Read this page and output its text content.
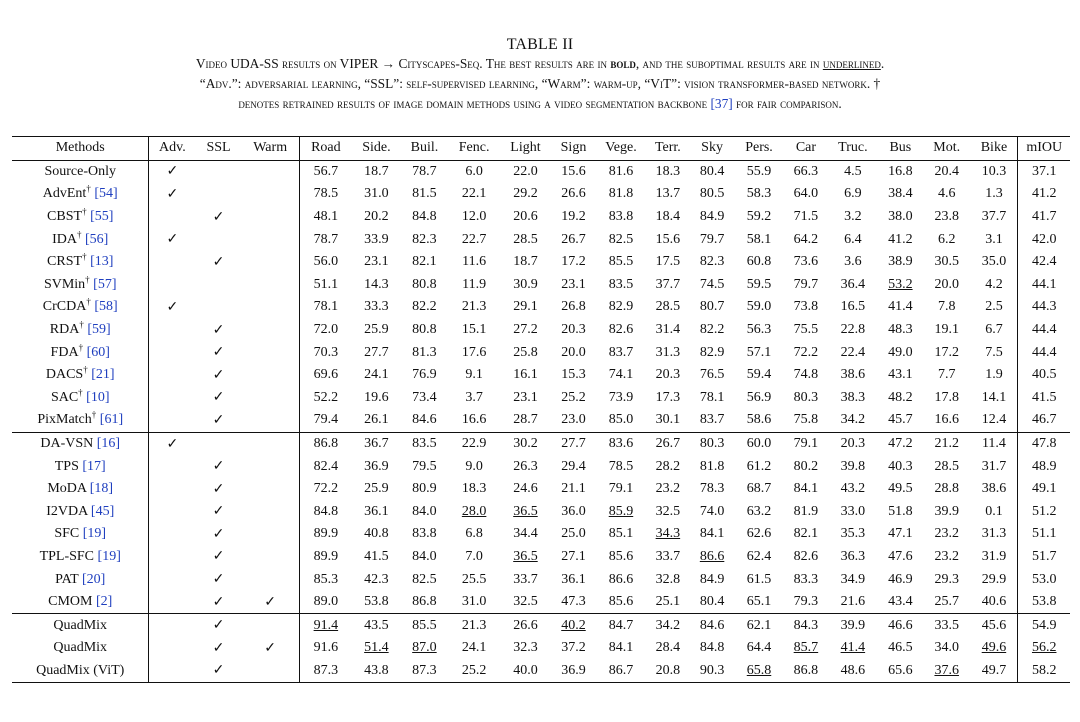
TABLE II
Video UDA-SS results on VIPER → Cityscapes-Seq. The best results are in bold, and the suboptimal results are in underlined.
“Adv.”: adversarial learning, “SSL”: self-supervised learning, “Warm”: warm-up, “ViT”: vision transformer-based network. †
denotes retrained results of image domain methods using a video segmentation backbone [37] for fair comparison.
Methods	Adv.	SSL	Warm	Road	Side.	Buil.	Fenc.	Light	Sign	Vege.	Terr.	Sky	Pers.	Car	Truc.	Bus	Mot.	Bike	mIOU
Source-Only	✓			56.7	18.7	78.7	6.0	22.0	15.6	81.6	18.3	80.4	55.9	66.3	4.5	16.8	20.4	10.3	37.1
AdvEnt† [54]	✓			78.5	31.0	81.5	22.1	29.2	26.6	81.8	13.7	80.5	58.3	64.0	6.9	38.4	4.6	1.3	41.2
CBST† [55]		✓		48.1	20.2	84.8	12.0	20.6	19.2	83.8	18.4	84.9	59.2	71.5	3.2	38.0	23.8	37.7	41.7
IDA† [56]	✓			78.7	33.9	82.3	22.7	28.5	26.7	82.5	15.6	79.7	58.1	64.2	6.4	41.2	6.2	3.1	42.0
CRST† [13]		✓		56.0	23.1	82.1	11.6	18.7	17.2	85.5	17.5	82.3	60.8	73.6	3.6	38.9	30.5	35.0	42.4
SVMin† [57]				51.1	14.3	80.8	11.9	30.9	23.1	83.5	37.7	74.5	59.5	79.7	36.4	53.2	20.0	4.2	44.1
CrCDA† [58]	✓			78.1	33.3	82.2	21.3	29.1	26.8	82.9	28.5	80.7	59.0	73.8	16.5	41.4	7.8	2.5	44.3
RDA† [59]		✓		72.0	25.9	80.8	15.1	27.2	20.3	82.6	31.4	82.2	56.3	75.5	22.8	48.3	19.1	6.7	44.4
FDA† [60]		✓		70.3	27.7	81.3	17.6	25.8	20.0	83.7	31.3	82.9	57.1	72.2	22.4	49.0	17.2	7.5	44.4
DACS† [21]		✓		69.6	24.1	76.9	9.1	16.1	15.3	74.1	20.3	76.5	59.4	74.8	38.6	43.1	7.7	1.9	40.5
SAC† [10]		✓		52.2	19.6	73.4	3.7	23.1	25.2	73.9	17.3	78.1	56.9	80.3	38.3	48.2	17.8	14.1	41.5
PixMatch† [61]		✓		79.4	26.1	84.6	16.6	28.7	23.0	85.0	30.1	83.7	58.6	75.8	34.2	45.7	16.6	12.4	46.7
DA-VSN [16]	✓			86.8	36.7	83.5	22.9	30.2	27.7	83.6	26.7	80.3	60.0	79.1	20.3	47.2	21.2	11.4	47.8
TPS [17]		✓		82.4	36.9	79.5	9.0	26.3	29.4	78.5	28.2	81.8	61.2	80.2	39.8	40.3	28.5	31.7	48.9
MoDA [18]		✓		72.2	25.9	80.9	18.3	24.6	21.1	79.1	23.2	78.3	68.7	84.1	43.2	49.5	28.8	38.6	49.1
I2VDA [45]		✓		84.8	36.1	84.0	28.0	36.5	36.0	85.9	32.5	74.0	63.2	81.9	33.0	51.8	39.9	0.1	51.2
SFC [19]		✓		89.9	40.8	83.8	6.8	34.4	25.0	85.1	34.3	84.1	62.6	82.1	35.3	47.1	23.2	31.3	51.1
TPL-SFC [19]		✓		89.9	41.5	84.0	7.0	36.5	27.1	85.6	33.7	86.6	62.4	82.6	36.3	47.6	23.2	31.9	51.7
PAT [20]		✓		85.3	42.3	82.5	25.5	33.7	36.1	86.6	32.8	84.9	61.5	83.3	34.9	46.9	29.3	29.9	53.0
CMOM [2]		✓	✓	89.0	53.8	86.8	31.0	32.5	47.3	85.6	25.1	80.4	65.1	79.3	21.6	43.4	25.7	40.6	53.8
QuadMix		✓		91.4	43.5	85.5	21.3	26.6	40.2	84.7	34.2	84.6	62.1	84.3	39.9	46.6	33.5	45.6	54.9
QuadMix		✓	✓	91.6	51.4	87.0	24.1	32.3	37.2	84.1	28.4	84.8	64.4	85.7	41.4	46.5	34.0	49.6	56.2
QuadMix (ViT)		✓		87.3	43.8	87.3	25.2	40.0	36.9	86.7	20.8	90.3	65.8	86.8	48.6	65.6	37.6	49.7	58.2
